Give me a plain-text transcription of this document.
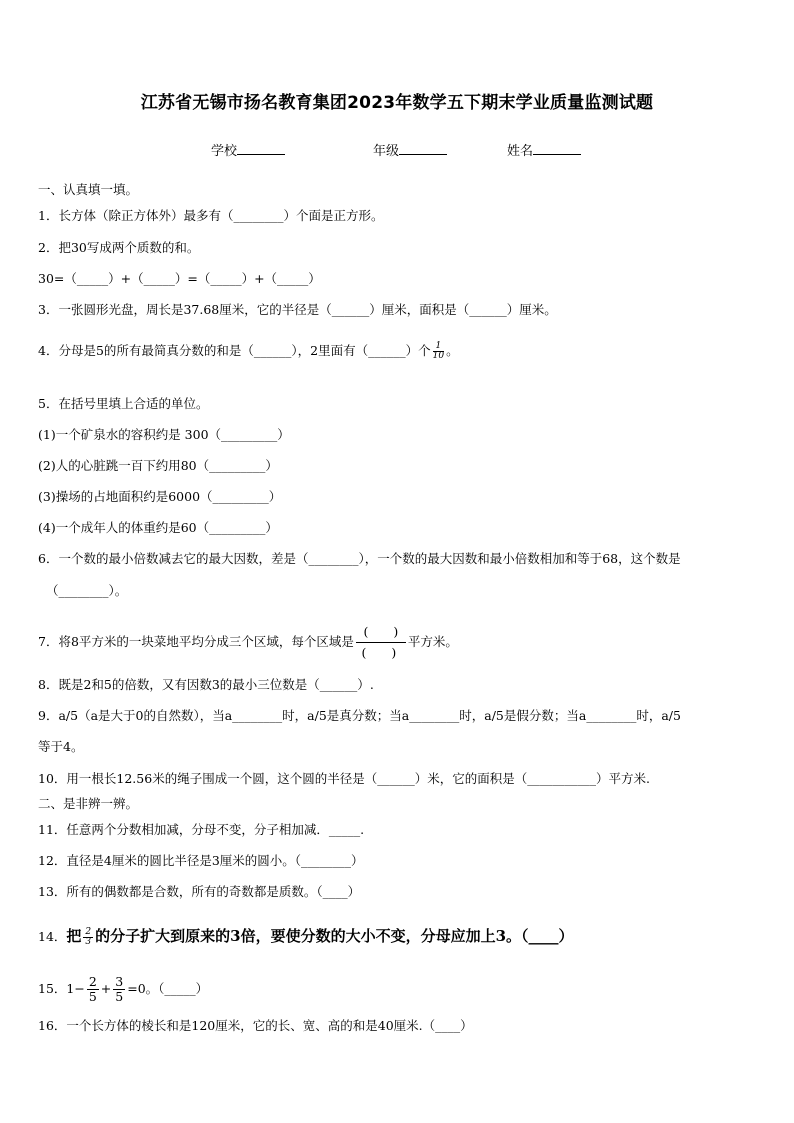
江苏省无锡市扬名教育集团2023年数学五下期末学业质量监测试题
学校	年级	姓名
一、认真填一填。
1．长方体（除正方体外）最多有（________）个面是正方形。
2．把30写成两个质数的和。
30=（_____）+（_____）=（_____）+（_____）
3．一张圆形光盘，周长是37.68厘米，它的半径是（______）厘米，面积是（______）厘米。
4．分母是5的所有最简真分数的和是（______），2里面有（______）个 $\frac{1}{10}$ 。
5．在括号里填上合适的单位。
(1)一个矿泉水的容积约是 300（_________）
(2)人的心脏跳一百下约用80（_________）
(3)操场的占地面积约是6000（_________）
(4)一个成年人的体重约是60（_________）
6．一个数的最小倍数减去它的最大因数，差是（________），一个数的最大因数和最小倍数相加和等于68，这个数是
（________）。
7．将8平方米的一块菜地平均分成三个区域，每个区域是 $\frac{( )}{( )}$ 平方米。
8．既是2和5的倍数，又有因数3的最小三位数是（______）.
9．a/5（a是大于0的自然数），当a________时，a/5是真分数；当a________时，a/5是假分数；当a________时，a/5
等于4。
10．用一根长12.56米的绳子围成一个圆，这个圆的半径是（______）米，它的面积是（___________）平方米.
二、是非辨一辨。
11．任意两个分数相加减，分母不变，分子相加减．_____.
12．直径是4厘米的圆比半径是3厘米的圆小。（________）
13．所有的偶数都是合数，所有的奇数都是质数。（____）
14．把 $\frac{2}{3}$ 的分子扩大到原来的3倍，要使分数的大小不变，分母应加上3。（____）
15．$1- \frac{2}{5} + \frac{3}{5} =0$。（_____）
16．一个长方体的棱长和是120厘米，它的长、宽、高的和是40厘米.（____）
